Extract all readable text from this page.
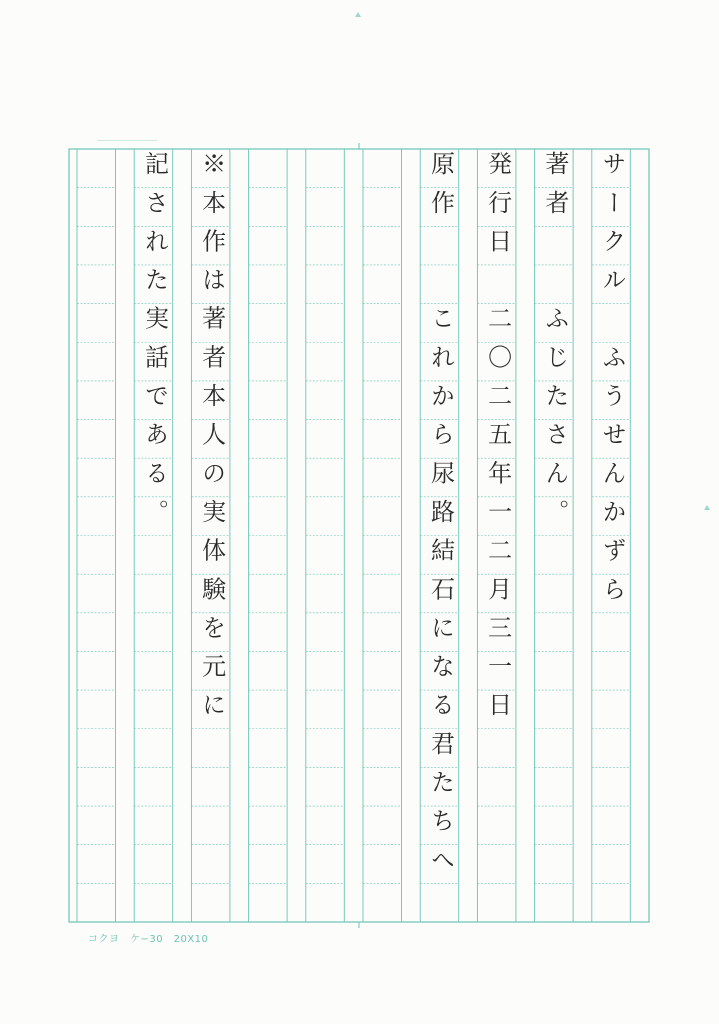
サークル　ふうせんかずら
著者　　ふじたさん。
発行日　二〇二五年一二月三一日
原作　　これから尿路結石になる君たちへ
※本作は著者本人の実体験を元に
記された実話である。
コクヨ　ケ−30　20X10
